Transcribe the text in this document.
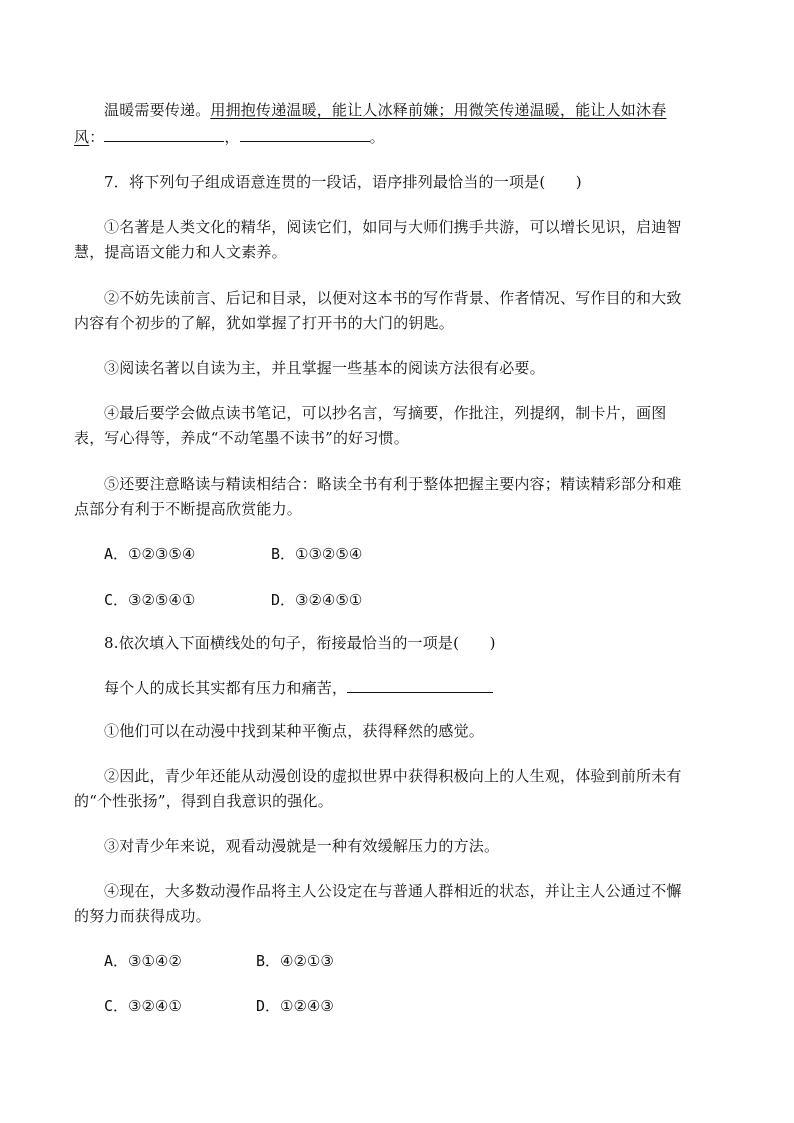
温暖需要传递。用拥抱传递温暖，能让人冰释前嫌；用微笑传递温暖，能让人如沐春
风：	，	。
7．将下列句子组成语意连贯的一段话，语序排列最恰当的一项是(　　)
①名著是人类文化的精华，阅读它们，如同与大师们携手共游，可以增长见识，启迪智
慧，提高语文能力和人文素养。
②不妨先读前言、后记和目录，以便对这本书的写作背景、作者情况、写作目的和大致
内容有个初步的了解，犹如掌握了打开书的大门的钥匙。
③阅读名著以自读为主，并且掌握一些基本的阅读方法很有必要。
④最后要学会做点读书笔记，可以抄名言，写摘要，作批注，列提纲，制卡片，画图
表，写心得等，养成“不动笔墨不读书”的好习惯。
⑤还要注意略读与精读相结合：略读全书有利于整体把握主要内容；精读精彩部分和难
点部分有利于不断提高欣赏能力。
A．①②③⑤④	B．①③②⑤④
C．③②⑤④①	D．③②④⑤①
8.依次填入下面横线处的句子，衔接最恰当的一项是(　　)
每个人的成长其实都有压力和痛苦，
①他们可以在动漫中找到某种平衡点，获得释然的感觉。
②因此，青少年还能从动漫创设的虚拟世界中获得积极向上的人生观，体验到前所未有
的“个性张扬”，得到自我意识的强化。
③对青少年来说，观看动漫就是一种有效缓解压力的方法。
④现在，大多数动漫作品将主人公设定在与普通人群相近的状态，并让主人公通过不懈
的努力而获得成功。
A．③①④②	B．④②①③
C．③②④①	D．①②④③
